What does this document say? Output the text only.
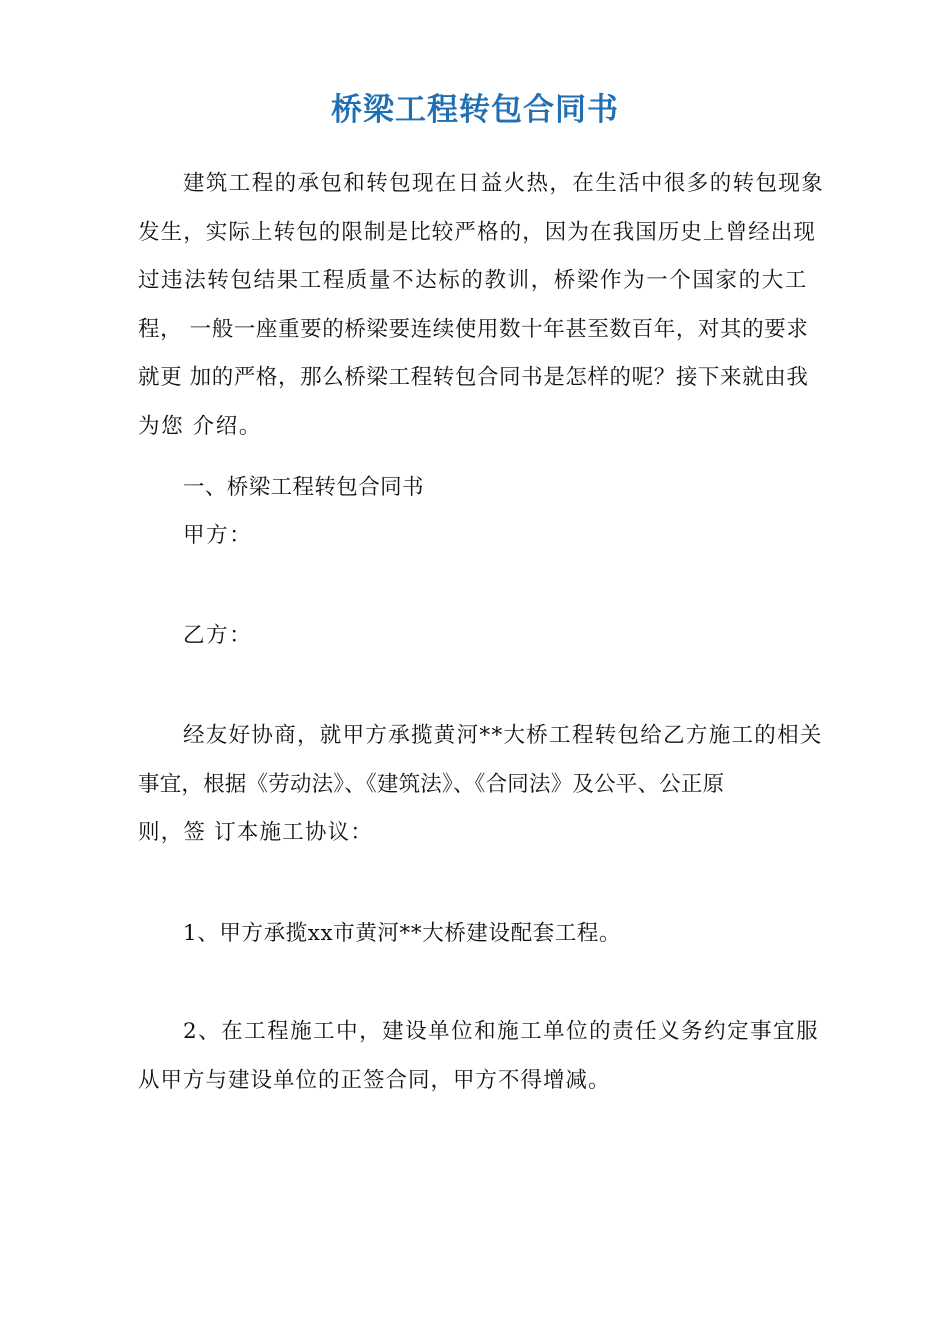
桥梁工程转包合同书
建筑工程的承包和转包现在日益火热，在生活中很多的转包现象
发生，实际上转包的限制是比较严格的，因为在我国历史上曾经出现
过违法转包结果工程质量不达标的教训，桥梁作为一个国家的大工
程， 一般一座重要的桥梁要连续使用数十年甚至数百年，对其的要求
就更 加的严格，那么桥梁工程转包合同书是怎样的呢？接下来就由我
为您 介绍。
一、桥梁工程转包合同书
甲方：
乙方：
经友好协商，就甲方承揽黄河**大桥工程转包给乙方施工的相关
事宜，根据《劳动法》、《建筑法》、《合同法》及公平、公正原
则，签 订本施工协议：
1、甲方承揽xx市黄河**大桥建设配套工程。
2、在工程施工中，建设单位和施工单位的责任义务约定事宜服
从甲方与建设单位的正签合同，甲方不得增减。
